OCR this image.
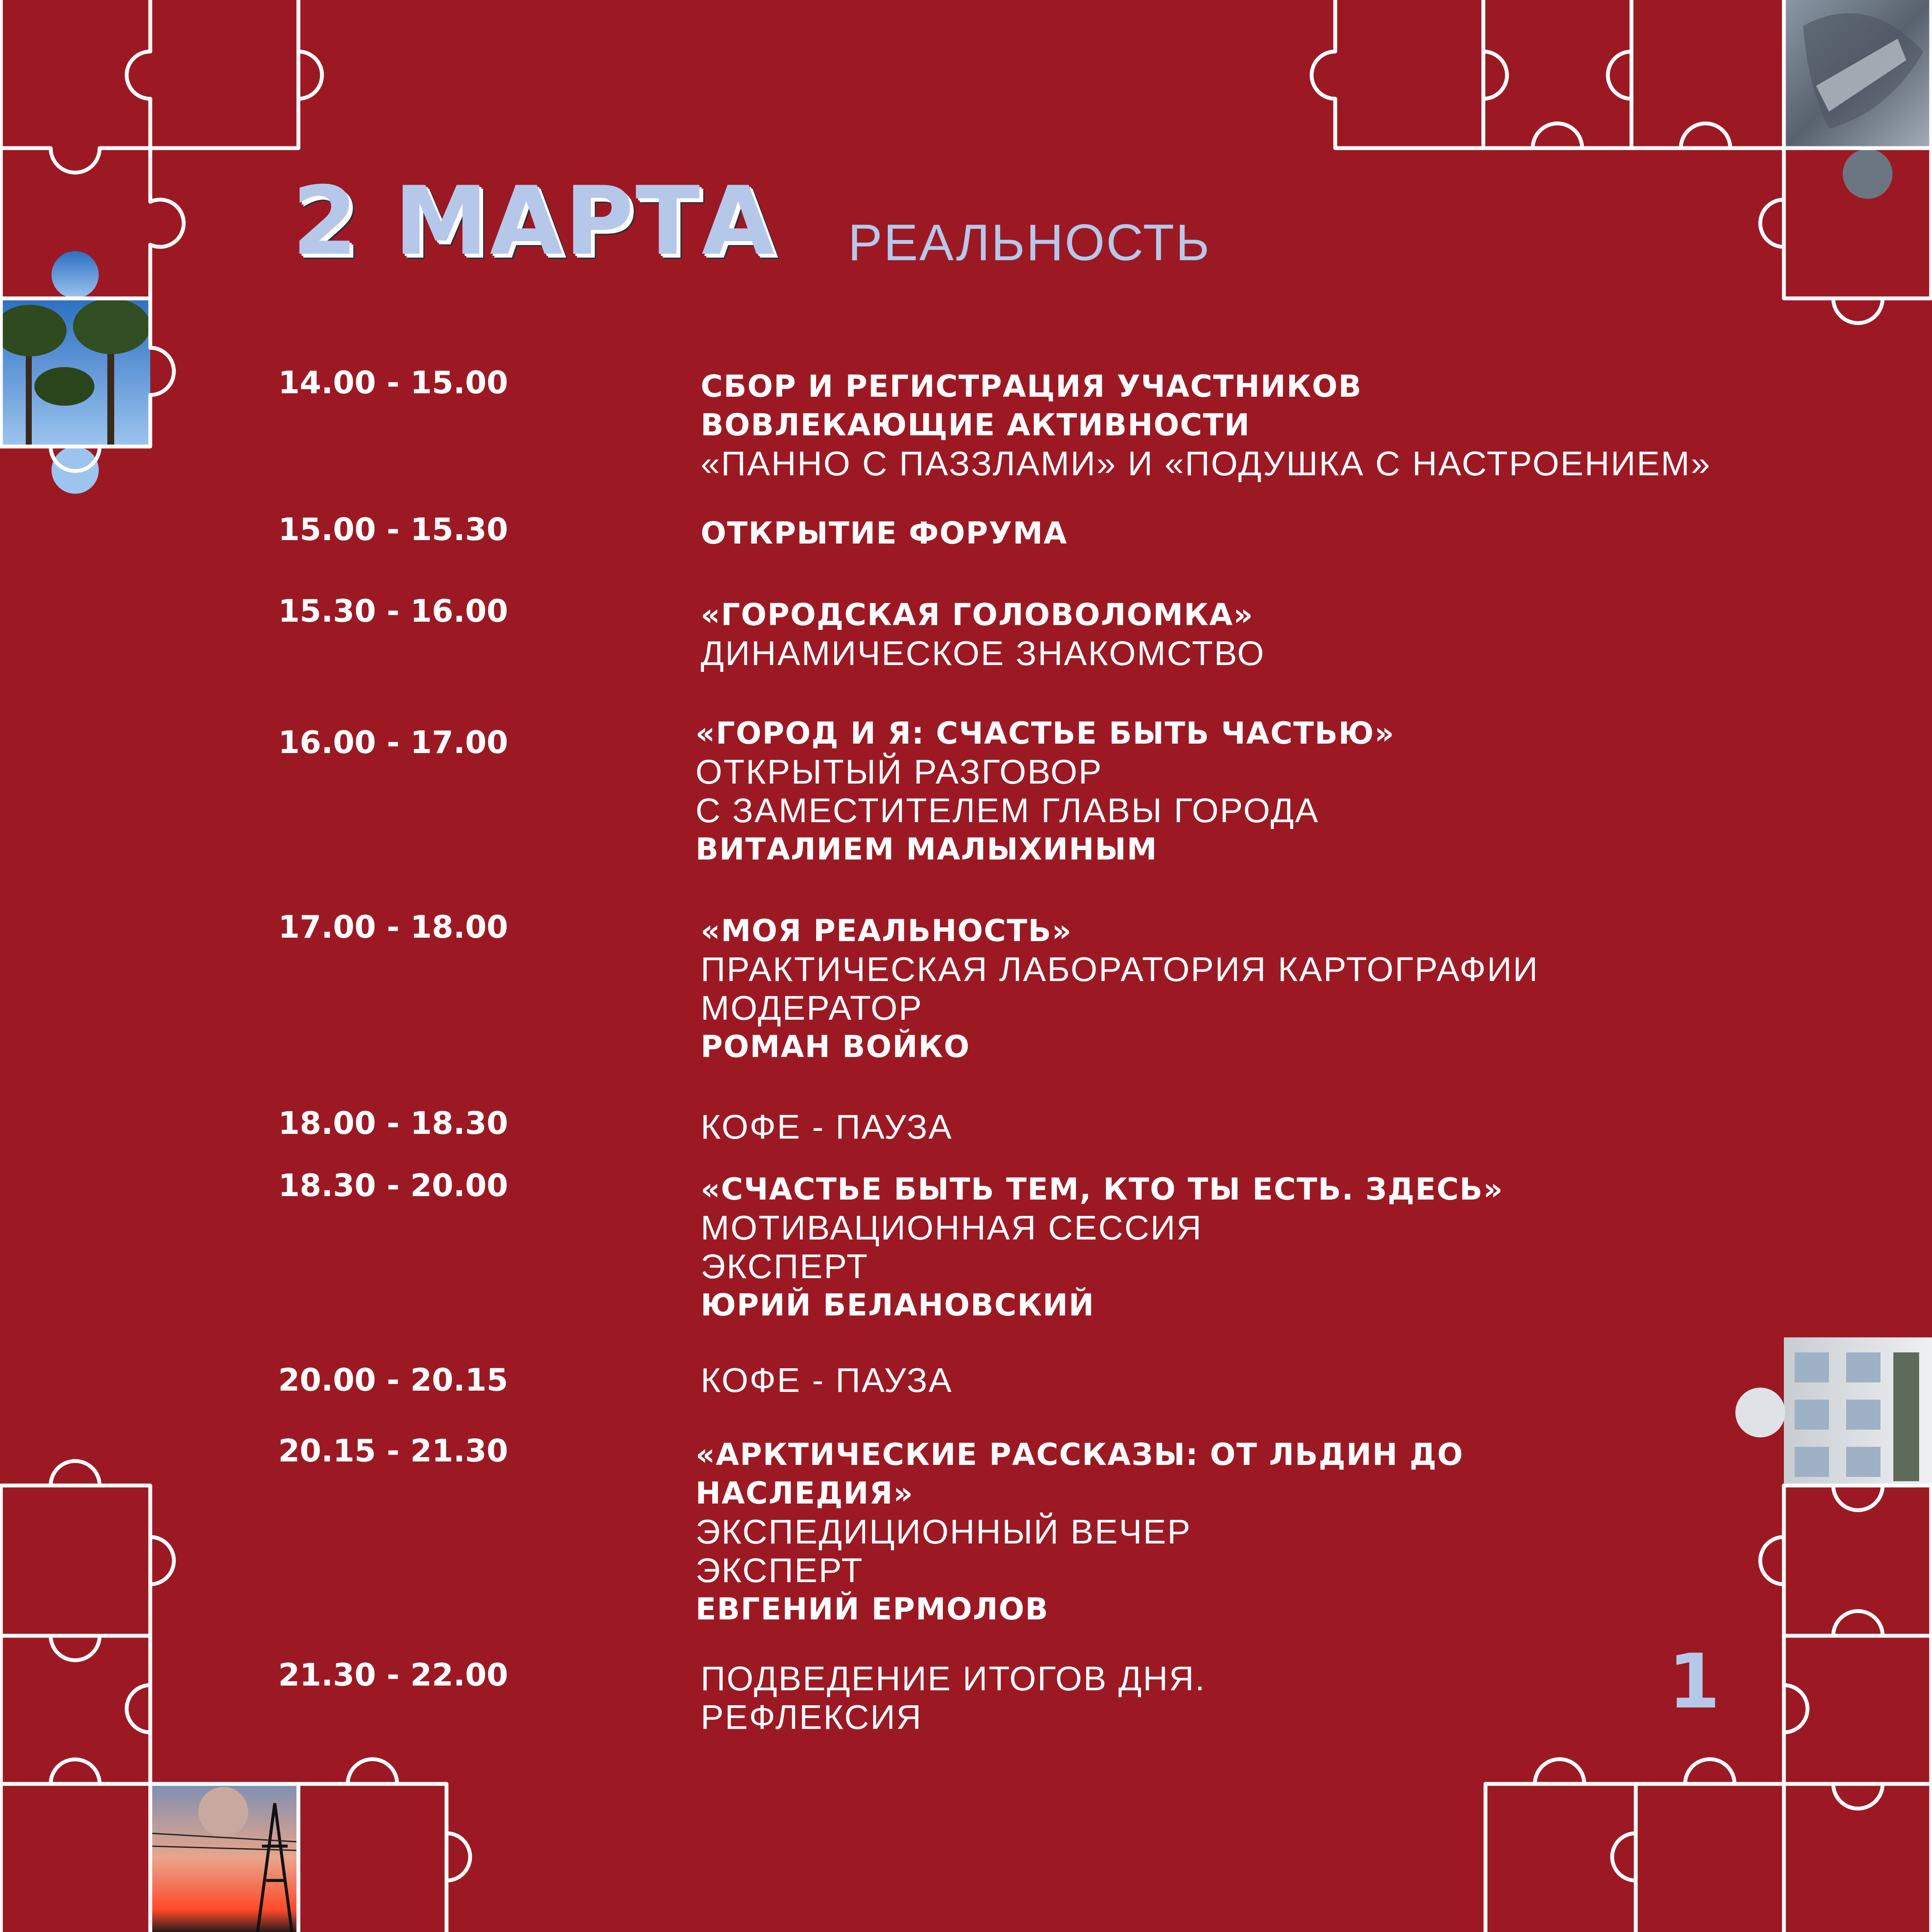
2 МАРТА РЕАЛЬНОСТЬ
14.00 - 15.00	СБОР И РЕГИСТРАЦИЯ УЧАСТНИКОВ
ВОВЛЕКАЮЩИЕ АКТИВНОСТИ
«ПАННО С ПАЗЗЛАМИ» И «ПОДУШКА С НАСТРОЕНИЕМ»
15.00 - 15.30	ОТКРЫТИЕ ФОРУМА
15.30 - 16.00	«ГОРОДСКАЯ ГОЛОВОЛОМКА»
ДИНАМИЧЕСКОЕ ЗНАКОМСТВО
16.00 - 17.00	«ГОРОД И Я: СЧАСТЬЕ БЫТЬ ЧАСТЬЮ»
ОТКРЫТЫЙ РАЗГОВОР
С ЗАМЕСТИТЕЛЕМ ГЛАВЫ ГОРОДА
ВИТАЛИЕМ МАЛЫХИНЫМ
17.00 - 18.00	«МОЯ РЕАЛЬНОСТЬ»
ПРАКТИЧЕСКАЯ ЛАБОРАТОРИЯ КАРТОГРАФИИ
МОДЕРАТОР
РОМАН ВОЙКО
18.00 - 18.30	КОФЕ - ПАУЗА
18.30 - 20.00	«СЧАСТЬЕ БЫТЬ ТЕМ, КТО ТЫ ЕСТЬ. ЗДЕСЬ»
МОТИВАЦИОННАЯ СЕССИЯ
ЭКСПЕРТ
ЮРИЙ БЕЛАНОВСКИЙ
20.00 - 20.15	КОФЕ - ПАУЗА
20.15 - 21.30	«АРКТИЧЕСКИЕ РАССКАЗЫ: ОТ ЛЬДИН ДО
НАСЛЕДИЯ»
ЭКСПЕДИЦИОННЫЙ ВЕЧЕР
ЭКСПЕРТ
ЕВГЕНИЙ ЕРМОЛОВ
21.30 - 22.00	ПОДВЕДЕНИЕ ИТОГОВ ДНЯ.
РЕФЛЕКСИЯ	1
